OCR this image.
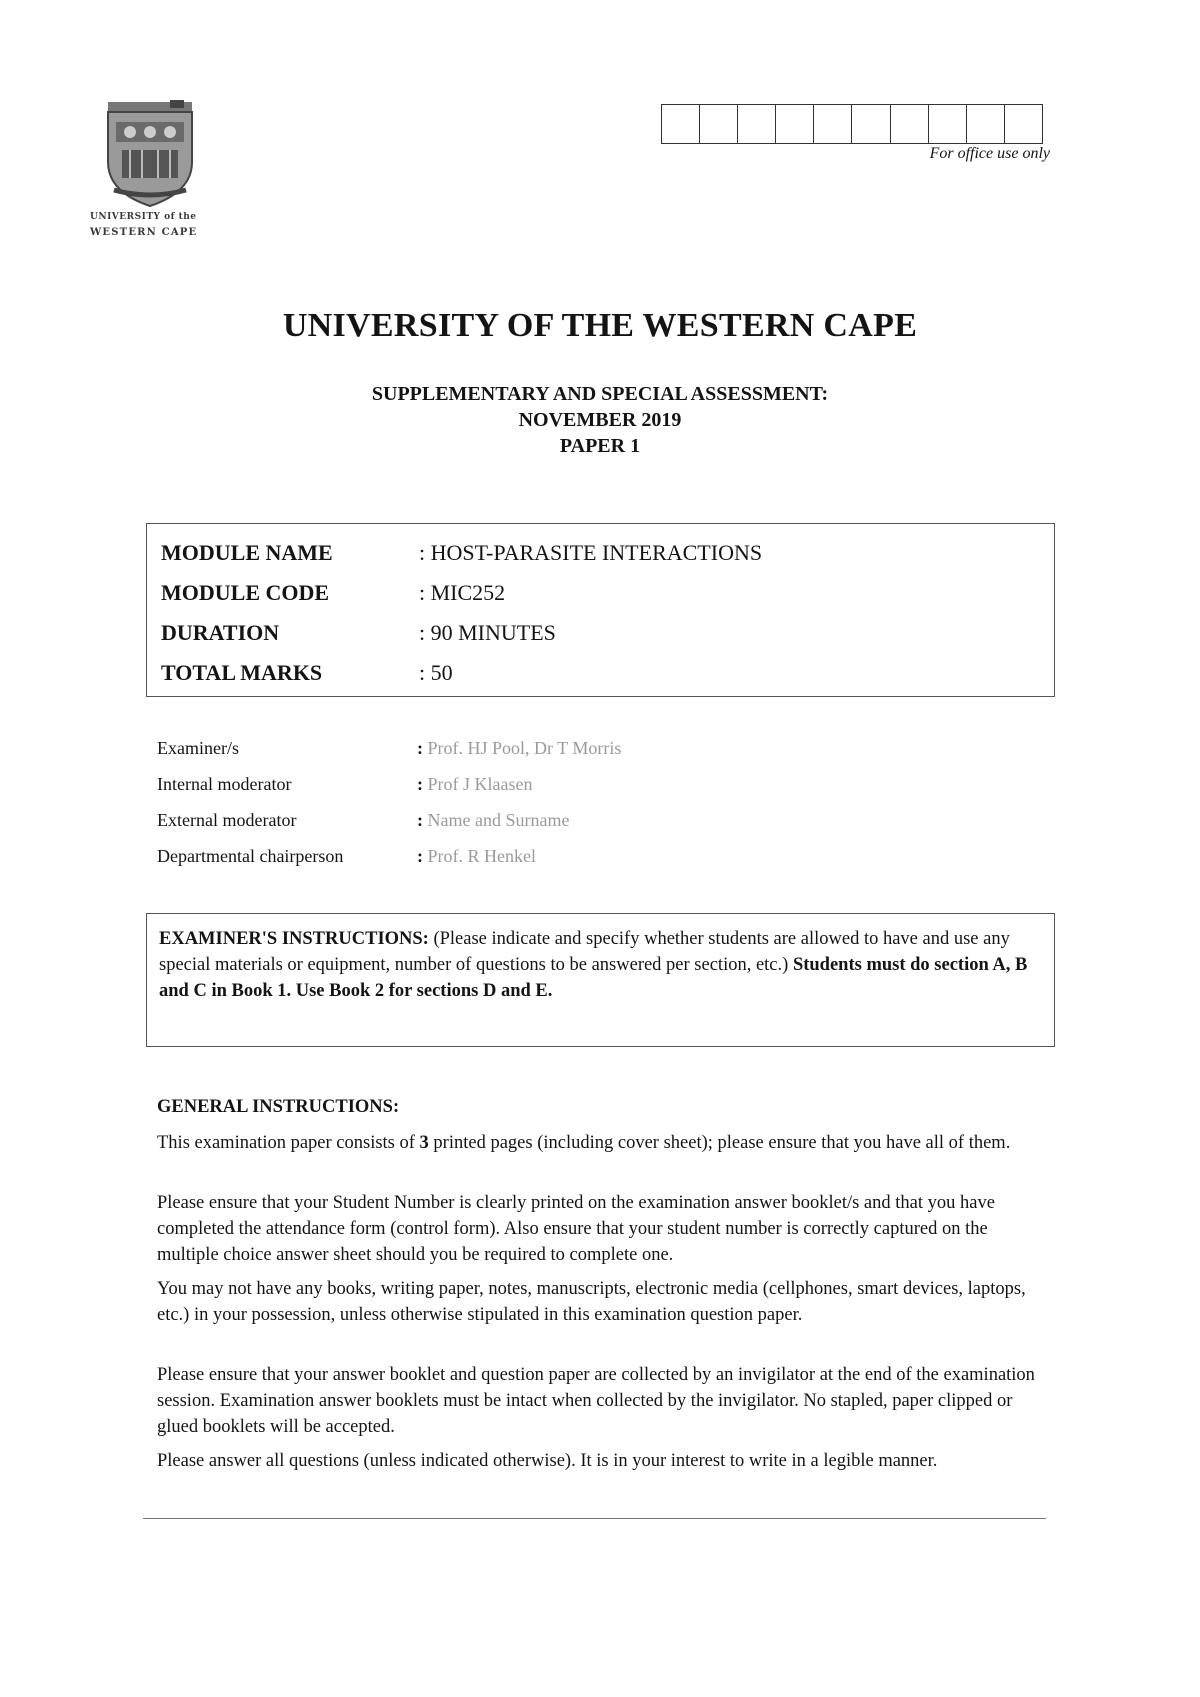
UNIVERSITY of the
WESTERN CAPE
For office use only
UNIVERSITY OF THE WESTERN CAPE
SUPPLEMENTARY AND SPECIAL ASSESSMENT:
NOVEMBER 2019
PAPER 1
MODULE NAME	: HOST-PARASITE INTERACTIONS
MODULE CODE	: MIC252
DURATION	: 90 MINUTES
TOTAL MARKS	: 50
Examiner/s	: Prof. HJ Pool, Dr T Morris
Internal moderator	: Prof J Klaasen
External moderator	: Name and Surname
Departmental chairperson	: Prof. R Henkel
EXAMINER'S INSTRUCTIONS: (Please indicate and specify whether students are allowed to have and use any special materials or equipment, number of questions to be answered per section, etc.) Students must do section A, B and C in Book 1. Use Book 2 for sections D and E.
GENERAL INSTRUCTIONS:
This examination paper consists of 3 printed pages (including cover sheet); please ensure that you have all of them.
Please ensure that your Student Number is clearly printed on the examination answer booklet/s and that you have completed the attendance form (control form). Also ensure that your student number is correctly captured on the multiple choice answer sheet should you be required to complete one.
You may not have any books, writing paper, notes, manuscripts, electronic media (cellphones, smart devices, laptops, etc.) in your possession, unless otherwise stipulated in this examination question paper.
Please ensure that your answer booklet and question paper are collected by an invigilator at the end of the examination session. Examination answer booklets must be intact when collected by the invigilator. No stapled, paper clipped or glued booklets will be accepted.
Please answer all questions (unless indicated otherwise). It is in your interest to write in a legible manner.
